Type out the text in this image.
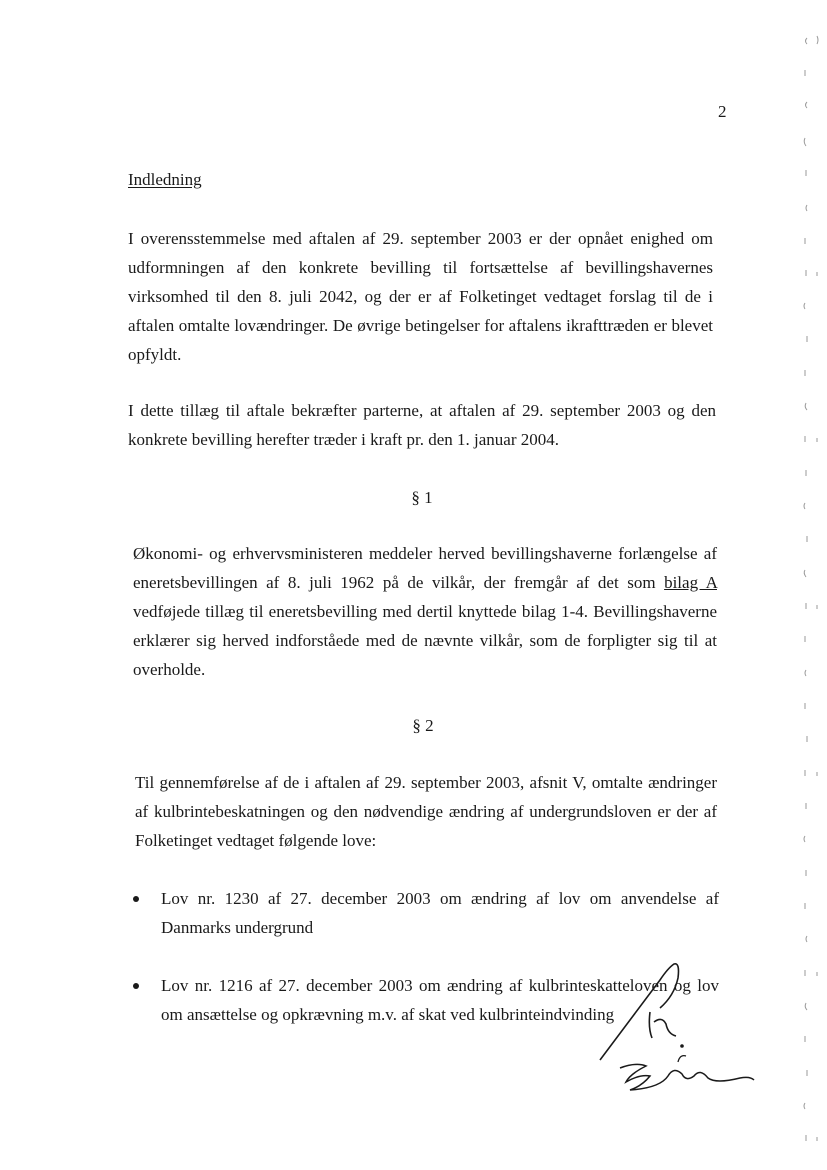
2
Indledning

I overensstemmelse med aftalen af 29. september 2003 er der opnået enighed om udformningen af den konkrete bevilling til fortsættelse af bevillingshavernes virksomhed til den 8. juli 2042, og der er af Folketinget vedtaget forslag til de i aftalen omtalte lovændringer. De øvrige betingelser for aftalens ikrafttræden er blevet opfyldt.

I dette tillæg til aftale bekræfter parterne, at aftalen af 29. september 2003 og den konkrete bevilling herefter træder i kraft pr. den 1. januar 2004.

§ 1

Økonomi- og erhvervsministeren meddeler herved bevillingshaverne forlængelse af eneretsbevillingen af 8. juli 1962 på de vilkår, der fremgår af det som bilag A vedføjede tillæg til eneretsbevilling med dertil knyttede bilag 1-4. Bevillingshaverne erklærer sig herved indforståede med de nævnte vilkår, som de forpligter sig til at overholde.

§ 2

Til gennemførelse af de i aftalen af 29. september 2003, afsnit V, omtalte ændringer af kulbrintebeskatningen og den nødvendige ændring af undergrundsloven er der af Folketinget vedtaget følgende love:

Lov nr. 1230 af 27. december 2003 om ændring af lov om anvendelse af Danmarks undergrund
Lov nr. 1216 af 27. december 2003 om ændring af kulbrinteskatteloven og lov om ansættelse og opkrævning m.v. af skat ved kulbrinteindvinding
